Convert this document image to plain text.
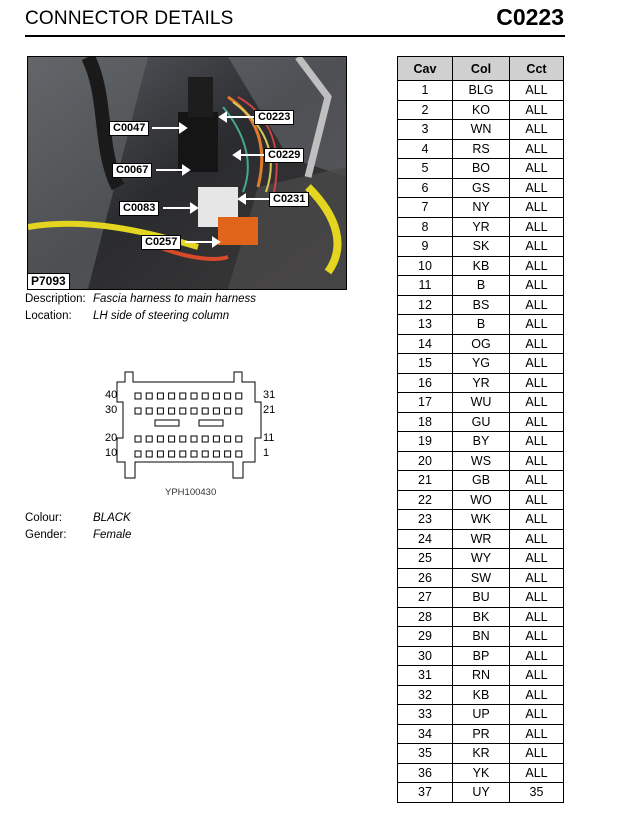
CONNECTOR DETAILS	C0223
C0047
C0223
C0229
C0067
C0231
C0083
C0257
P7093
Description: Fascia harness to main harness
Location: LH side of steering column
40
30
20
10
31
21
11
1
YPH100430
Colour:	BLACK
Gender: Female
Cav	Col	Cct
1	BLG	ALL
2	KO	ALL
3	WN	ALL
4	RS	ALL
5	BO	ALL
6	GS	ALL
7	NY	ALL
8	YR	ALL
9	SK	ALL
10	KB	ALL
11	B	ALL
12	BS	ALL
13	B	ALL
14	OG	ALL
15	YG	ALL
16	YR	ALL
17	WU	ALL
18	GU	ALL
19	BY	ALL
20	WS	ALL
21	GB	ALL
22	WO	ALL
23	WK	ALL
24	WR	ALL
25	WY	ALL
26	SW	ALL
27	BU	ALL
28	BK	ALL
29	BN	ALL
30	BP	ALL
31	RN	ALL
32	KB	ALL
33	UP	ALL
34	PR	ALL
35	KR	ALL
36	YK	ALL
37	UY	35
